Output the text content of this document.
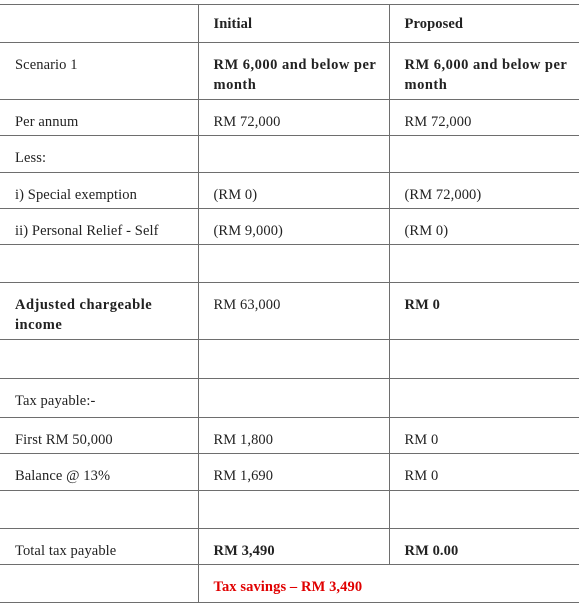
	Initial	Proposed
Scenario 1	RM 6,000 and below per month	RM 6,000 and below per month
Per annum	RM 72,000	RM 72,000
Less:		
i) Special exemption	(RM 0)	(RM 72,000)
ii) Personal Relief - Self	(RM 9,000)	(RM 0)

Adjusted chargeable income	RM 63,000	RM 0

Tax payable:-		
First RM 50,000	RM 1,800	RM 0
Balance @ 13%	RM 1,690	RM 0

Total tax payable	RM 3,490	RM 0.00
	Tax savings – RM 3,490	
